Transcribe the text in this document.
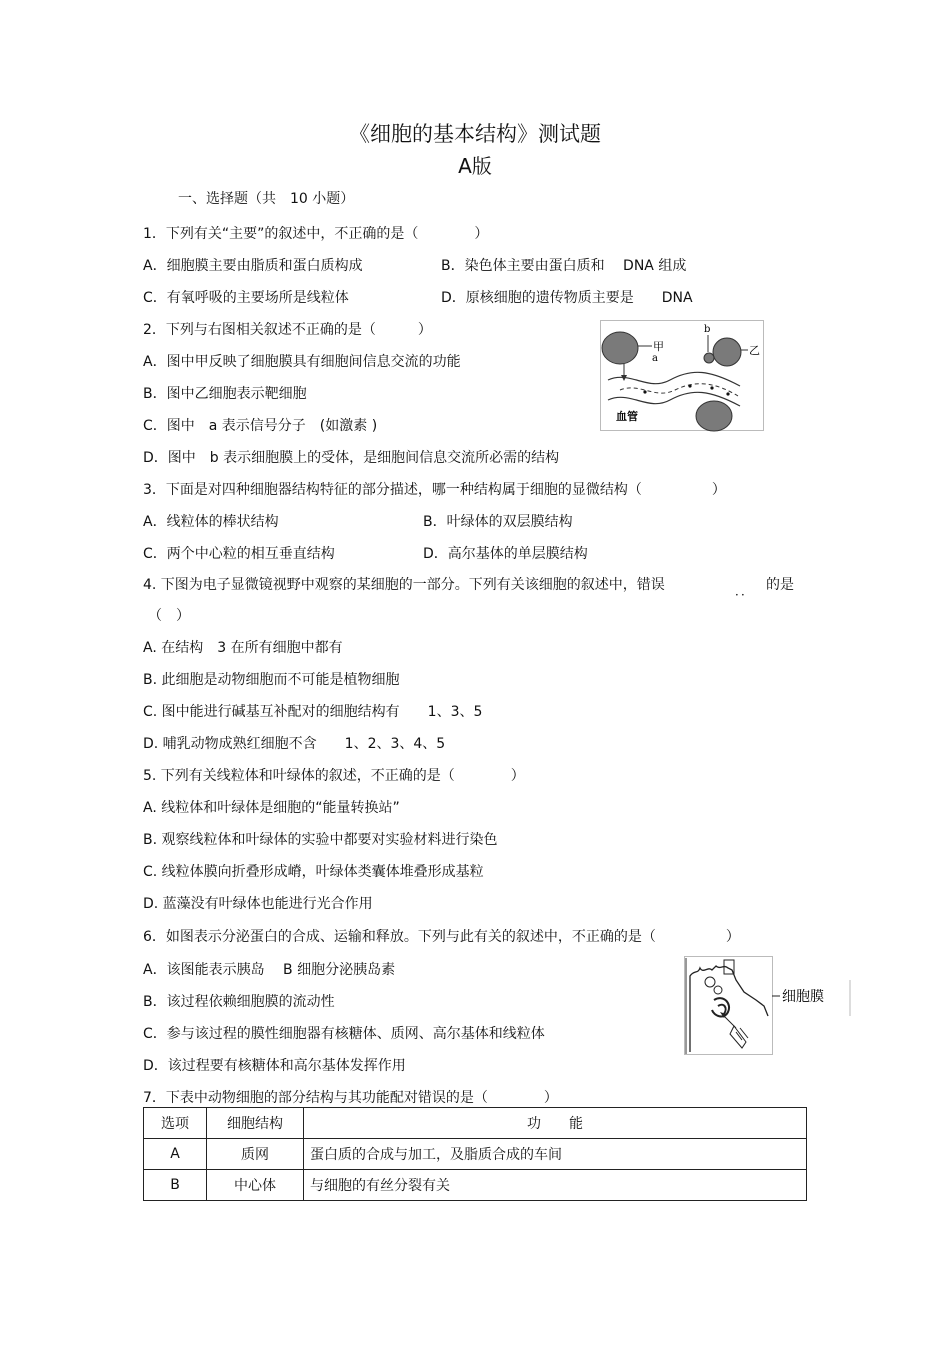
《细胞的基本结构》测试题
A版
一、选择题（共　10 小题）
1．下列有关“主要”的叙述中，不正确的是（　　　　）
A．细胞膜主要由脂质和蛋白质构成	B．染色体主要由蛋白质和　 DNA 组成
C．有氧呼吸的主要场所是线粒体	D．原核细胞的遗传物质主要是　　DNA
2．下列与右图相关叙述不正确的是（　　　）
A．图中甲反映了细胞膜具有细胞间信息交流的功能
B．图中乙细胞表示靶细胞
C．图中　a 表示信号分子　(如激素 )
D．图中　b 表示细胞膜上的受体，是细胞间信息交流所必需的结构
甲
a
b
乙
血管
3．下面是对四种细胞器结构特征的部分描述，哪一种结构属于细胞的显微结构（　　　　　）
A．线粒体的棒状结构	B．叶绿体的双层膜结构
C．两个中心粒的相互垂直结构	D．高尔基体的单层膜结构
4. 下图为电子显微镜视野中观察的某细胞的一部分。下列有关该细胞的叙述中，错误	．． 的是
（　）
A. 在结构　3 在所有细胞中都有
B. 此细胞是动物细胞而不可能是植物细胞
C. 图中能进行碱基互补配对的细胞结构有　　1、3、5
D. 哺乳动物成熟红细胞不含　　1、2、3、4、5
5. 下列有关线粒体和叶绿体的叙述，不正确的是（　　　　）
A. 线粒体和叶绿体是细胞的“能量转换站”
B. 观察线粒体和叶绿体的实验中都要对实验材料进行染色
C. 线粒体膜向折叠形成嵴，叶绿体类囊体堆叠形成基粒
D. 蓝藻没有叶绿体也能进行光合作用
6．如图表示分泌蛋白的合成、运输和释放。下列与此有关的叙述中，不正确的是（　　　　　）
A．该图能表示胰岛　 B 细胞分泌胰岛素
B．该过程依赖细胞膜的流动性
C．参与该过程的膜性细胞器有核糖体、质网、高尔基体和线粒体
D．该过程要有核糖体和高尔基体发挥作用
细胞膜
7．下表中动物细胞的部分结构与其功能配对错误的是（　　　　）
选项	细胞结构	功　　能
A	质网	蛋白质的合成与加工，及脂质合成的车间
B	中心体	与细胞的有丝分裂有关
